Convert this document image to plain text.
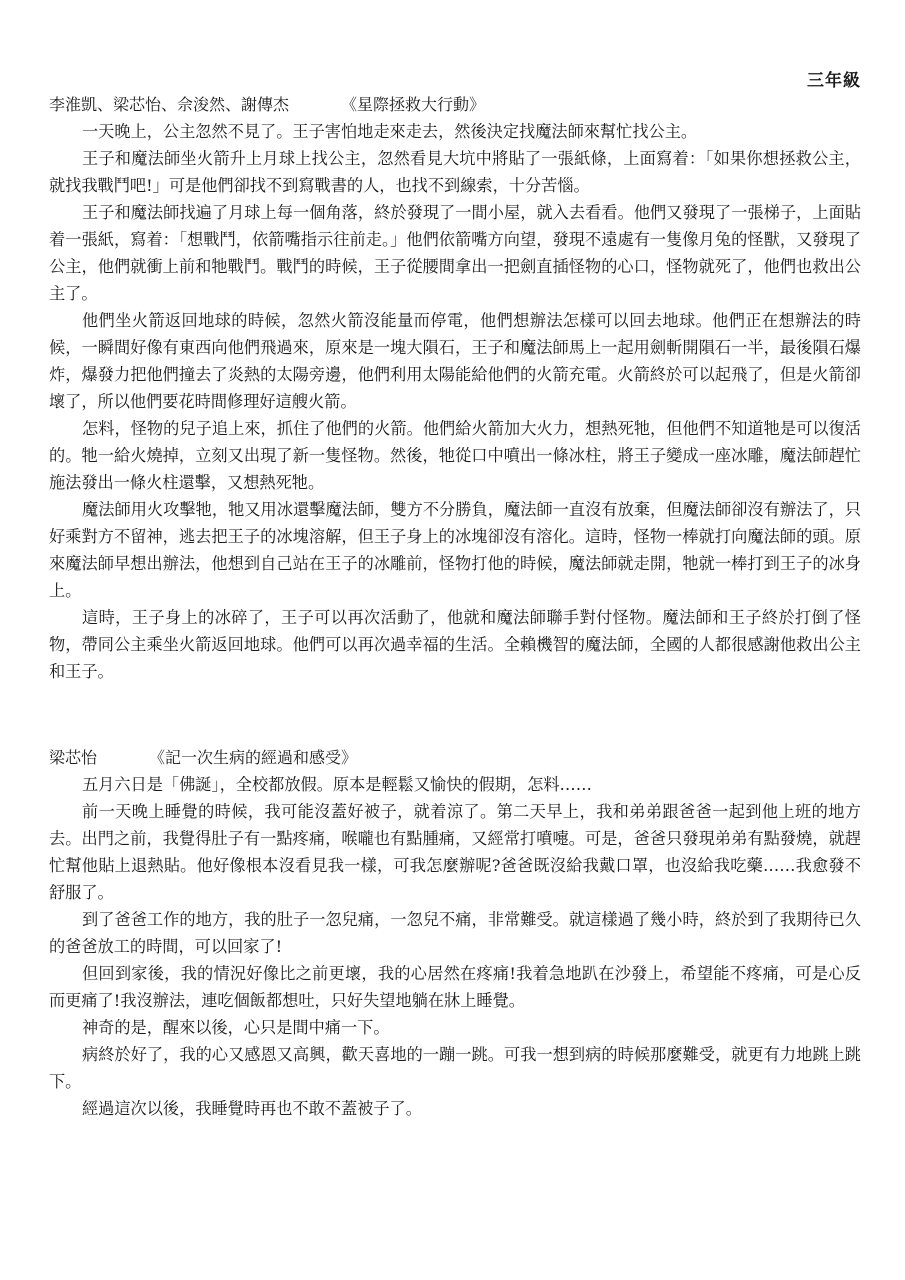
三年級
李淮凱、梁芯怡、佘浚然、謝傳杰	《星際拯救大行動》

一天晚上，公主忽然不見了。王子害怕地走來走去，然後決定找魔法師來幫忙找公主。

王子和魔法師坐火箭升上月球上找公主，忽然看見大坑中將貼了一張紙條，上面寫着：「如果你想拯救公主，就找我戰鬥吧!」可是他們卻找不到寫戰書的人，也找不到線索，十分苦惱。

王子和魔法師找遍了月球上每一個角落，終於發現了一間小屋，就入去看看。他們又發現了一張梯子，上面貼着一張紙，寫着：「想戰鬥，依箭嘴指示往前走。」他們依箭嘴方向望，發現不遠處有一隻像月兔的怪獸，又發現了公主，他們就衝上前和牠戰鬥。戰鬥的時候，王子從腰間拿出一把劍直插怪物的心口，怪物就死了，他們也救出公主了。

他們坐火箭返回地球的時候，忽然火箭沒能量而停電，他們想辦法怎樣可以回去地球。他們正在想辦法的時候，一瞬間好像有東西向他們飛過來，原來是一塊大隕石，王子和魔法師馬上一起用劍斬開隕石一半，最後隕石爆炸，爆發力把他們撞去了炎熱的太陽旁邊，他們利用太陽能給他們的火箭充電。火箭終於可以起飛了，但是火箭卻壞了，所以他們要花時間修理好這艘火箭。

怎料，怪物的兒子追上來，抓住了他們的火箭。他們給火箭加大火力，想熱死牠，但他們不知道牠是可以復活的。牠一給火燒掉，立刻又出現了新一隻怪物。然後，牠從口中噴出一條冰柱，將王子變成一座冰雕，魔法師趕忙施法發出一條火柱還擊，又想熱死牠。

魔法師用火攻擊牠，牠又用冰還擊魔法師，雙方不分勝負，魔法師一直沒有放棄，但魔法師卻沒有辦法了，只好乘對方不留神，逃去把王子的冰塊溶解，但王子身上的冰塊卻沒有溶化。這時，怪物一棒就打向魔法師的頭。原來魔法師早想出辦法，他想到自己站在王子的冰雕前，怪物打他的時候，魔法師就走開，牠就一棒打到王子的冰身上。

這時，王子身上的冰碎了，王子可以再次活動了，他就和魔法師聯手對付怪物。魔法師和王子終於打倒了怪物，帶同公主乘坐火箭返回地球。他們可以再次過幸福的生活。全賴機智的魔法師，全國的人都很感謝他救出公主和王子。

梁芯怡	《記一次生病的經過和感受》

五月六日是「佛誕」，全校都放假。原本是輕鬆又愉快的假期，怎料……

前一天晚上睡覺的時候，我可能沒蓋好被子，就着涼了。第二天早上，我和弟弟跟爸爸一起到他上班的地方去。出門之前，我覺得肚子有一點疼痛，喉嚨也有點腫痛，又經常打噴嚏。可是，爸爸只發現弟弟有點發燒，就趕忙幫他貼上退熱貼。他好像根本沒看見我一樣，可我怎麼辦呢?爸爸既沒給我戴口罩，也沒給我吃藥……我愈發不舒服了。

到了爸爸工作的地方，我的肚子一忽兒痛，一忽兒不痛，非常難受。就這樣過了幾小時，終於到了我期待已久的爸爸放工的時間，可以回家了!

但回到家後，我的情況好像比之前更壞，我的心居然在疼痛!我着急地趴在沙發上，希望能不疼痛，可是心反而更痛了!我沒辦法，連吃個飯都想吐，只好失望地躺在牀上睡覺。

神奇的是，醒來以後，心只是間中痛一下。

病終於好了，我的心又感恩又高興，歡天喜地的一蹦一跳。可我一想到病的時候那麼難受，就更有力地跳上跳下。

經過這次以後，我睡覺時再也不敢不蓋被子了。
